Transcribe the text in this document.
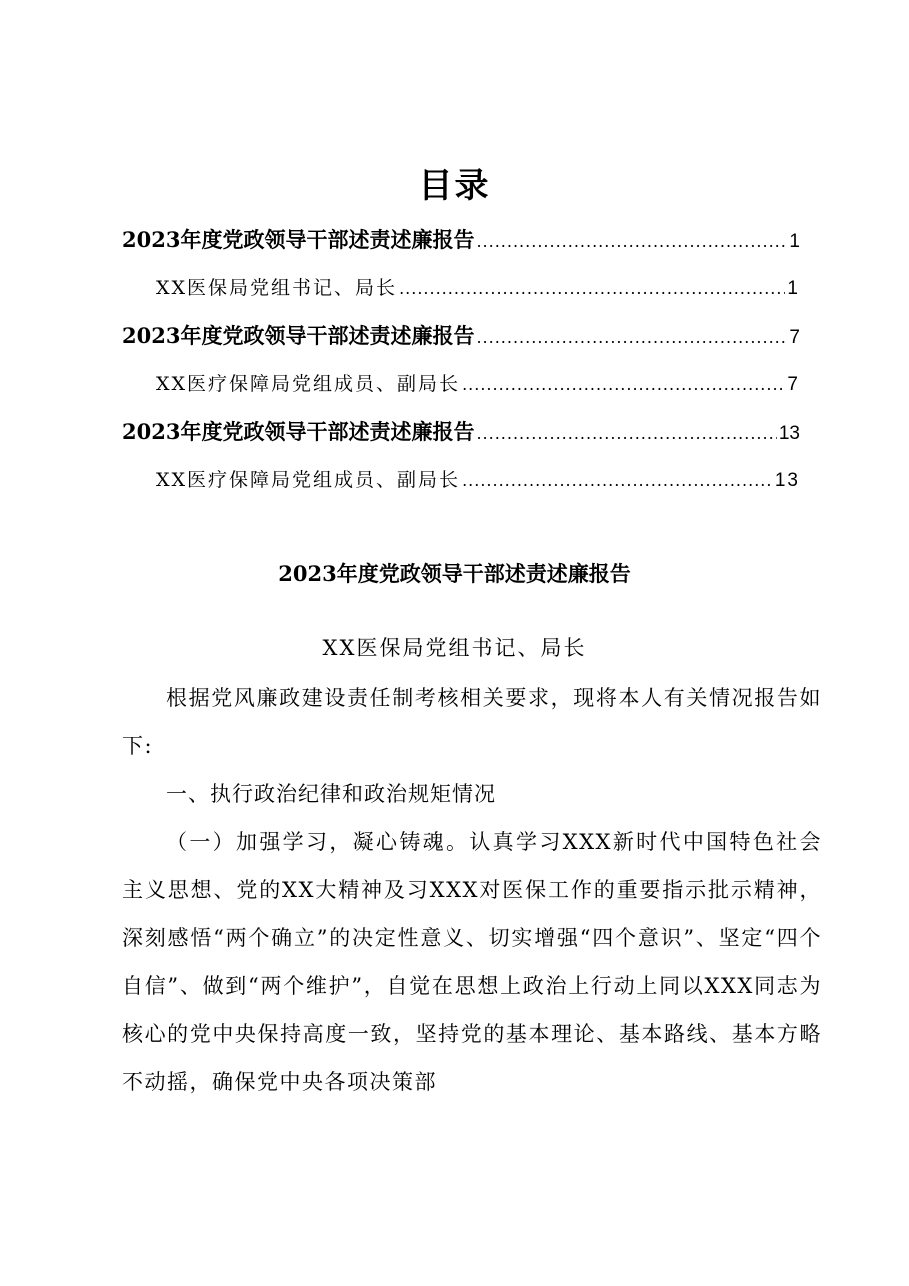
目录
2023年度党政领导干部述责述廉报告 .....	1
XX医保局党组书记、局长 .....	1
2023年度党政领导干部述责述廉报告 .....	7
XX医疗保障局党组成员、副局长 .....	7
2023年度党政领导干部述责述廉报告 .....	13
XX医疗保障局党组成员、副局长 .....	13
2023年度党政领导干部述责述廉报告
XX医保局党组书记、局长

根据党风廉政建设责任制考核相关要求，现将本人有关情况报告如下:

一、执行政治纪律和政治规矩情况

（一）加强学习，凝心铸魂。认真学习XXX新时代中国特色社会主义思想、党的XX大精神及习XXX对医保工作的重要指示批示精神，深刻感悟“两个确立”的决定性意义、切实增强“四个意识”、坚定“四个自信”、做到“两个维护”，自觉在思想上政治上行动上同以XXX同志为核心的党中央保持高度一致，坚持党的基本理论、基本路线、基本方略不动摇，确保党中央各项决策部
